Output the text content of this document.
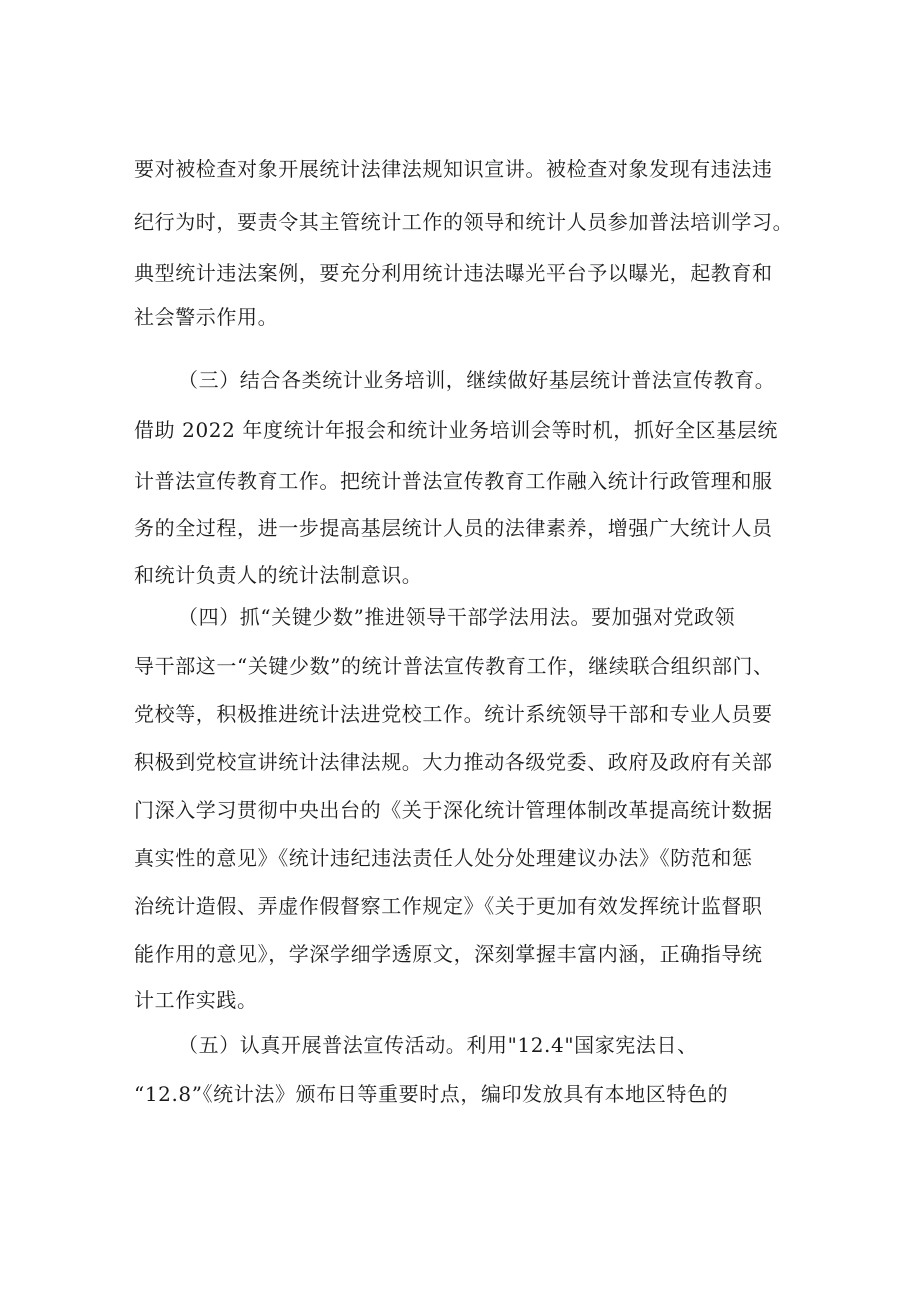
要对被检查对象开展统计法律法规知识宣讲。被检查对象发现有违法违
纪行为时，要责令其主管统计工作的领导和统计人员参加普法培训学习。
典型统计违法案例，要充分利用统计违法曝光平台予以曝光，起教育和
社会警示作用。
（三）结合各类统计业务培训，继续做好基层统计普法宣传教育。
借助 2022 年度统计年报会和统计业务培训会等时机，抓好全区基层统
计普法宣传教育工作。把统计普法宣传教育工作融入统计行政管理和服
务的全过程，进一步提高基层统计人员的法律素养，增强广大统计人员
和统计负责人的统计法制意识。
（四）抓“关键少数”推进领导干部学法用法。要加强对党政领
导干部这一“关键少数”的统计普法宣传教育工作，继续联合组织部门、
党校等，积极推进统计法进党校工作。统计系统领导干部和专业人员要
积极到党校宣讲统计法律法规。大力推动各级党委、政府及政府有关部
门深入学习贯彻中央出台的《关于深化统计管理体制改革提高统计数据
真实性的意见》《统计违纪违法责任人处分处理建议办法》《防范和惩
治统计造假、弄虚作假督察工作规定》《关于更加有效发挥统计监督职
能作用的意见》，学深学细学透原文，深刻掌握丰富内涵，正确指导统
计工作实践。
（五）认真开展普法宣传活动。利用"12.4"国家宪法日、
“12.8”《统计法》颁布日等重要时点，编印发放具有本地区特色的
